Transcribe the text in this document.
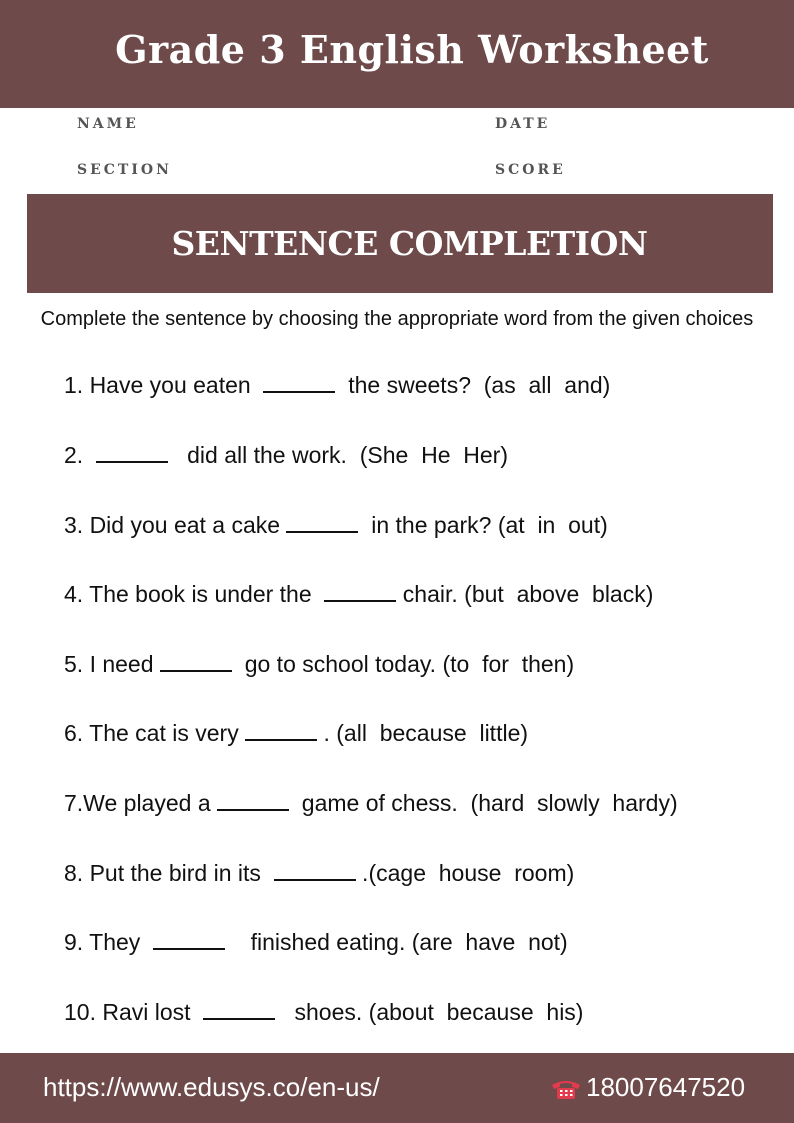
Grade 3 English Worksheet
NAME	DATE
SECTION	SCORE
SENTENCE COMPLETION
Complete the sentence by choosing the appropriate word from the given choices
1. Have you eaten	the sweets?  (as  all  and)
2.	did all the work.  (She  He  Her)
3. Did you eat a cake	in the park? (at  in  out)
4. The book is under the	chair. (but  above  black)
5. I need	go to school today. (to  for  then)
6. The cat is very	. (all  because  little)
7.We played a	game of chess.  (hard  slowly  hardy)
8. Put the bird in its	.(cage  house  room)
9. They	finished eating. (are  have  not)
10. Ravi lost	shoes. (about  because  his)
https://www.edusys.co/en-us/	18007647520
